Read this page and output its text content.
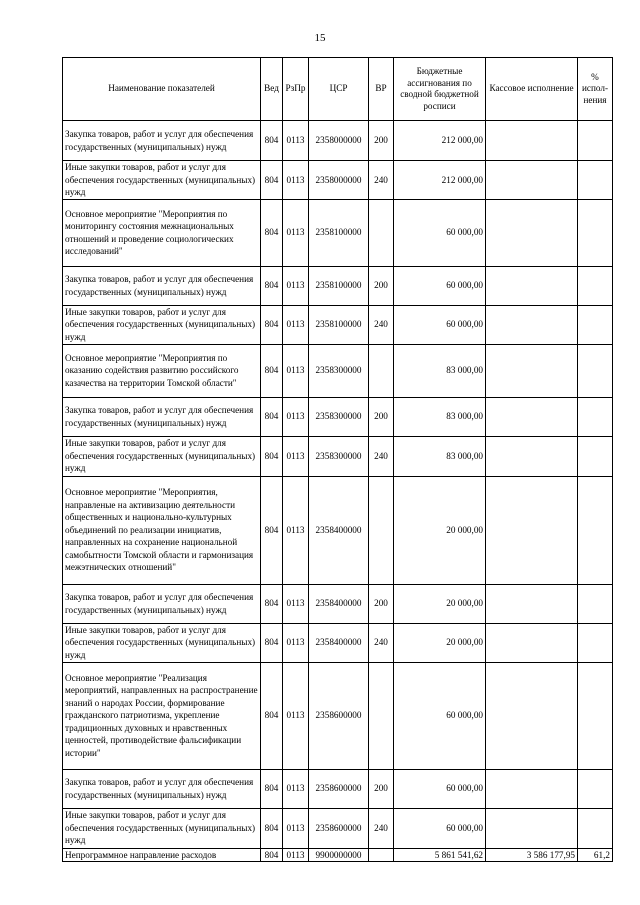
15
Наименование показателей	Вед	РзПр	ЦСР	ВР	Бюджетные ассигнования по сводной бюджетной росписи	Кассовое исполнение	% испол-нения
Закупка товаров, работ и услуг для обеспечения государственных (муниципальных) нужд	804	0113	2358000000	200	212 000,00		
Иные закупки товаров, работ и услуг для обеспечения государственных (муниципальных) нужд	804	0113	2358000000	240	212 000,00		
Основное мероприятие "Мероприятия по мониторингу состояния межнациональных отношений и проведение социологических исследований"	804	0113	2358100000		60 000,00		
Закупка товаров, работ и услуг для обеспечения государственных (муниципальных) нужд	804	0113	2358100000	200	60 000,00		
Иные закупки товаров, работ и услуг для обеспечения государственных (муниципальных) нужд	804	0113	2358100000	240	60 000,00		
Основное мероприятие "Мероприятия по оказанию содействия развитию российского казачества на территории Томской области"	804	0113	2358300000		83 000,00		
Закупка товаров, работ и услуг для обеспечения государственных (муниципальных) нужд	804	0113	2358300000	200	83 000,00		
Иные закупки товаров, работ и услуг для обеспечения государственных (муниципальных) нужд	804	0113	2358300000	240	83 000,00		
Основное мероприятие "Мероприятия, направленые на активизацию деятельности общественных и национально-культурных объединений по реализации инициатив, направленных на сохранение национальной самобытности Томской области и гармонизация межэтнических отношений"	804	0113	2358400000		20 000,00		
Закупка товаров, работ и услуг для обеспечения государственных (муниципальных) нужд	804	0113	2358400000	200	20 000,00		
Иные закупки товаров, работ и услуг для обеспечения государственных (муниципальных) нужд	804	0113	2358400000	240	20 000,00		
Основное мероприятие "Реализация мероприятий, направленных на распространение знаний о народах России, формирование гражданского патриотизма, укрепление традиционных духовных и нравственных ценностей, противодействие фальсификации истории"	804	0113	2358600000		60 000,00		
Закупка товаров, работ и услуг для обеспечения государственных (муниципальных) нужд	804	0113	2358600000	200	60 000,00		
Иные закупки товаров, работ и услуг для обеспечения государственных (муниципальных) нужд	804	0113	2358600000	240	60 000,00		
Непрограммное направление расходов	804	0113	9900000000		5 861 541,62	3 586 177,95	61,2
